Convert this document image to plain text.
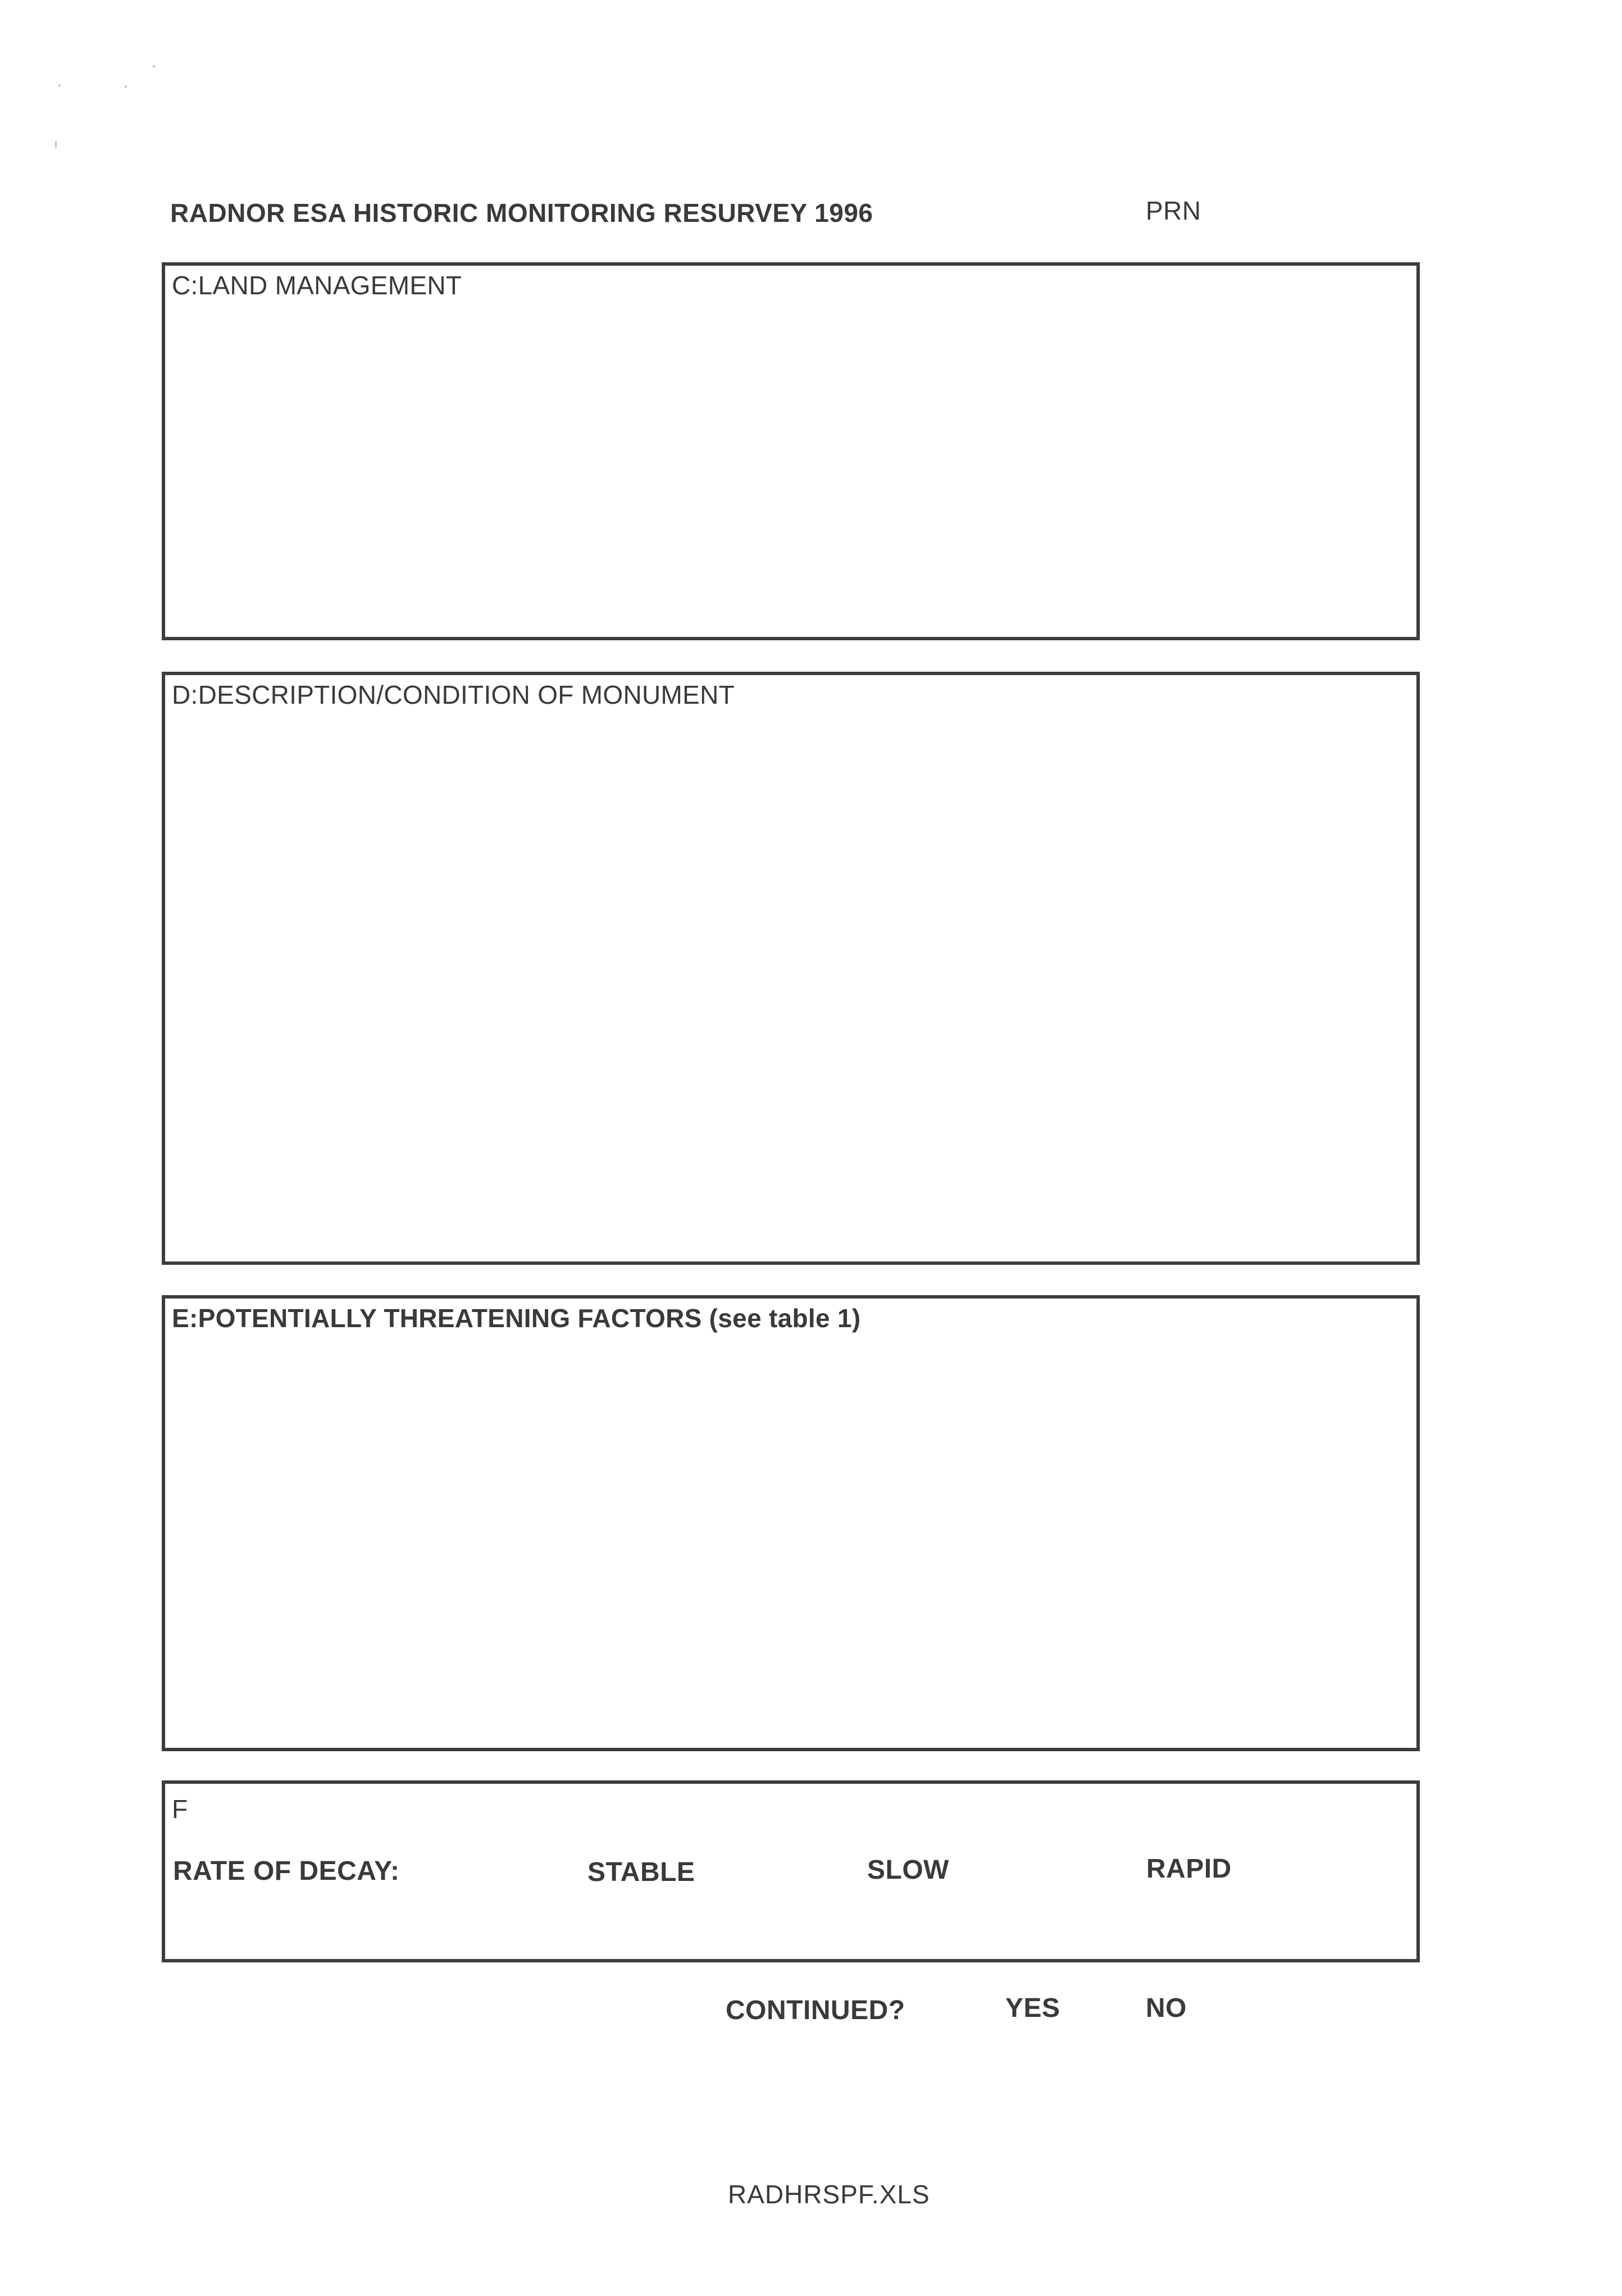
RADNOR ESA HISTORIC MONITORING RESURVEY 1996	PRN
C:LAND MANAGEMENT
D:DESCRIPTION/CONDITION OF MONUMENT
E:POTENTIALLY THREATENING FACTORS (see table 1)
F
RATE OF DECAY:	STABLE	SLOW	RAPID
CONTINUED?	YES	NO
RADHRSPF.XLS
